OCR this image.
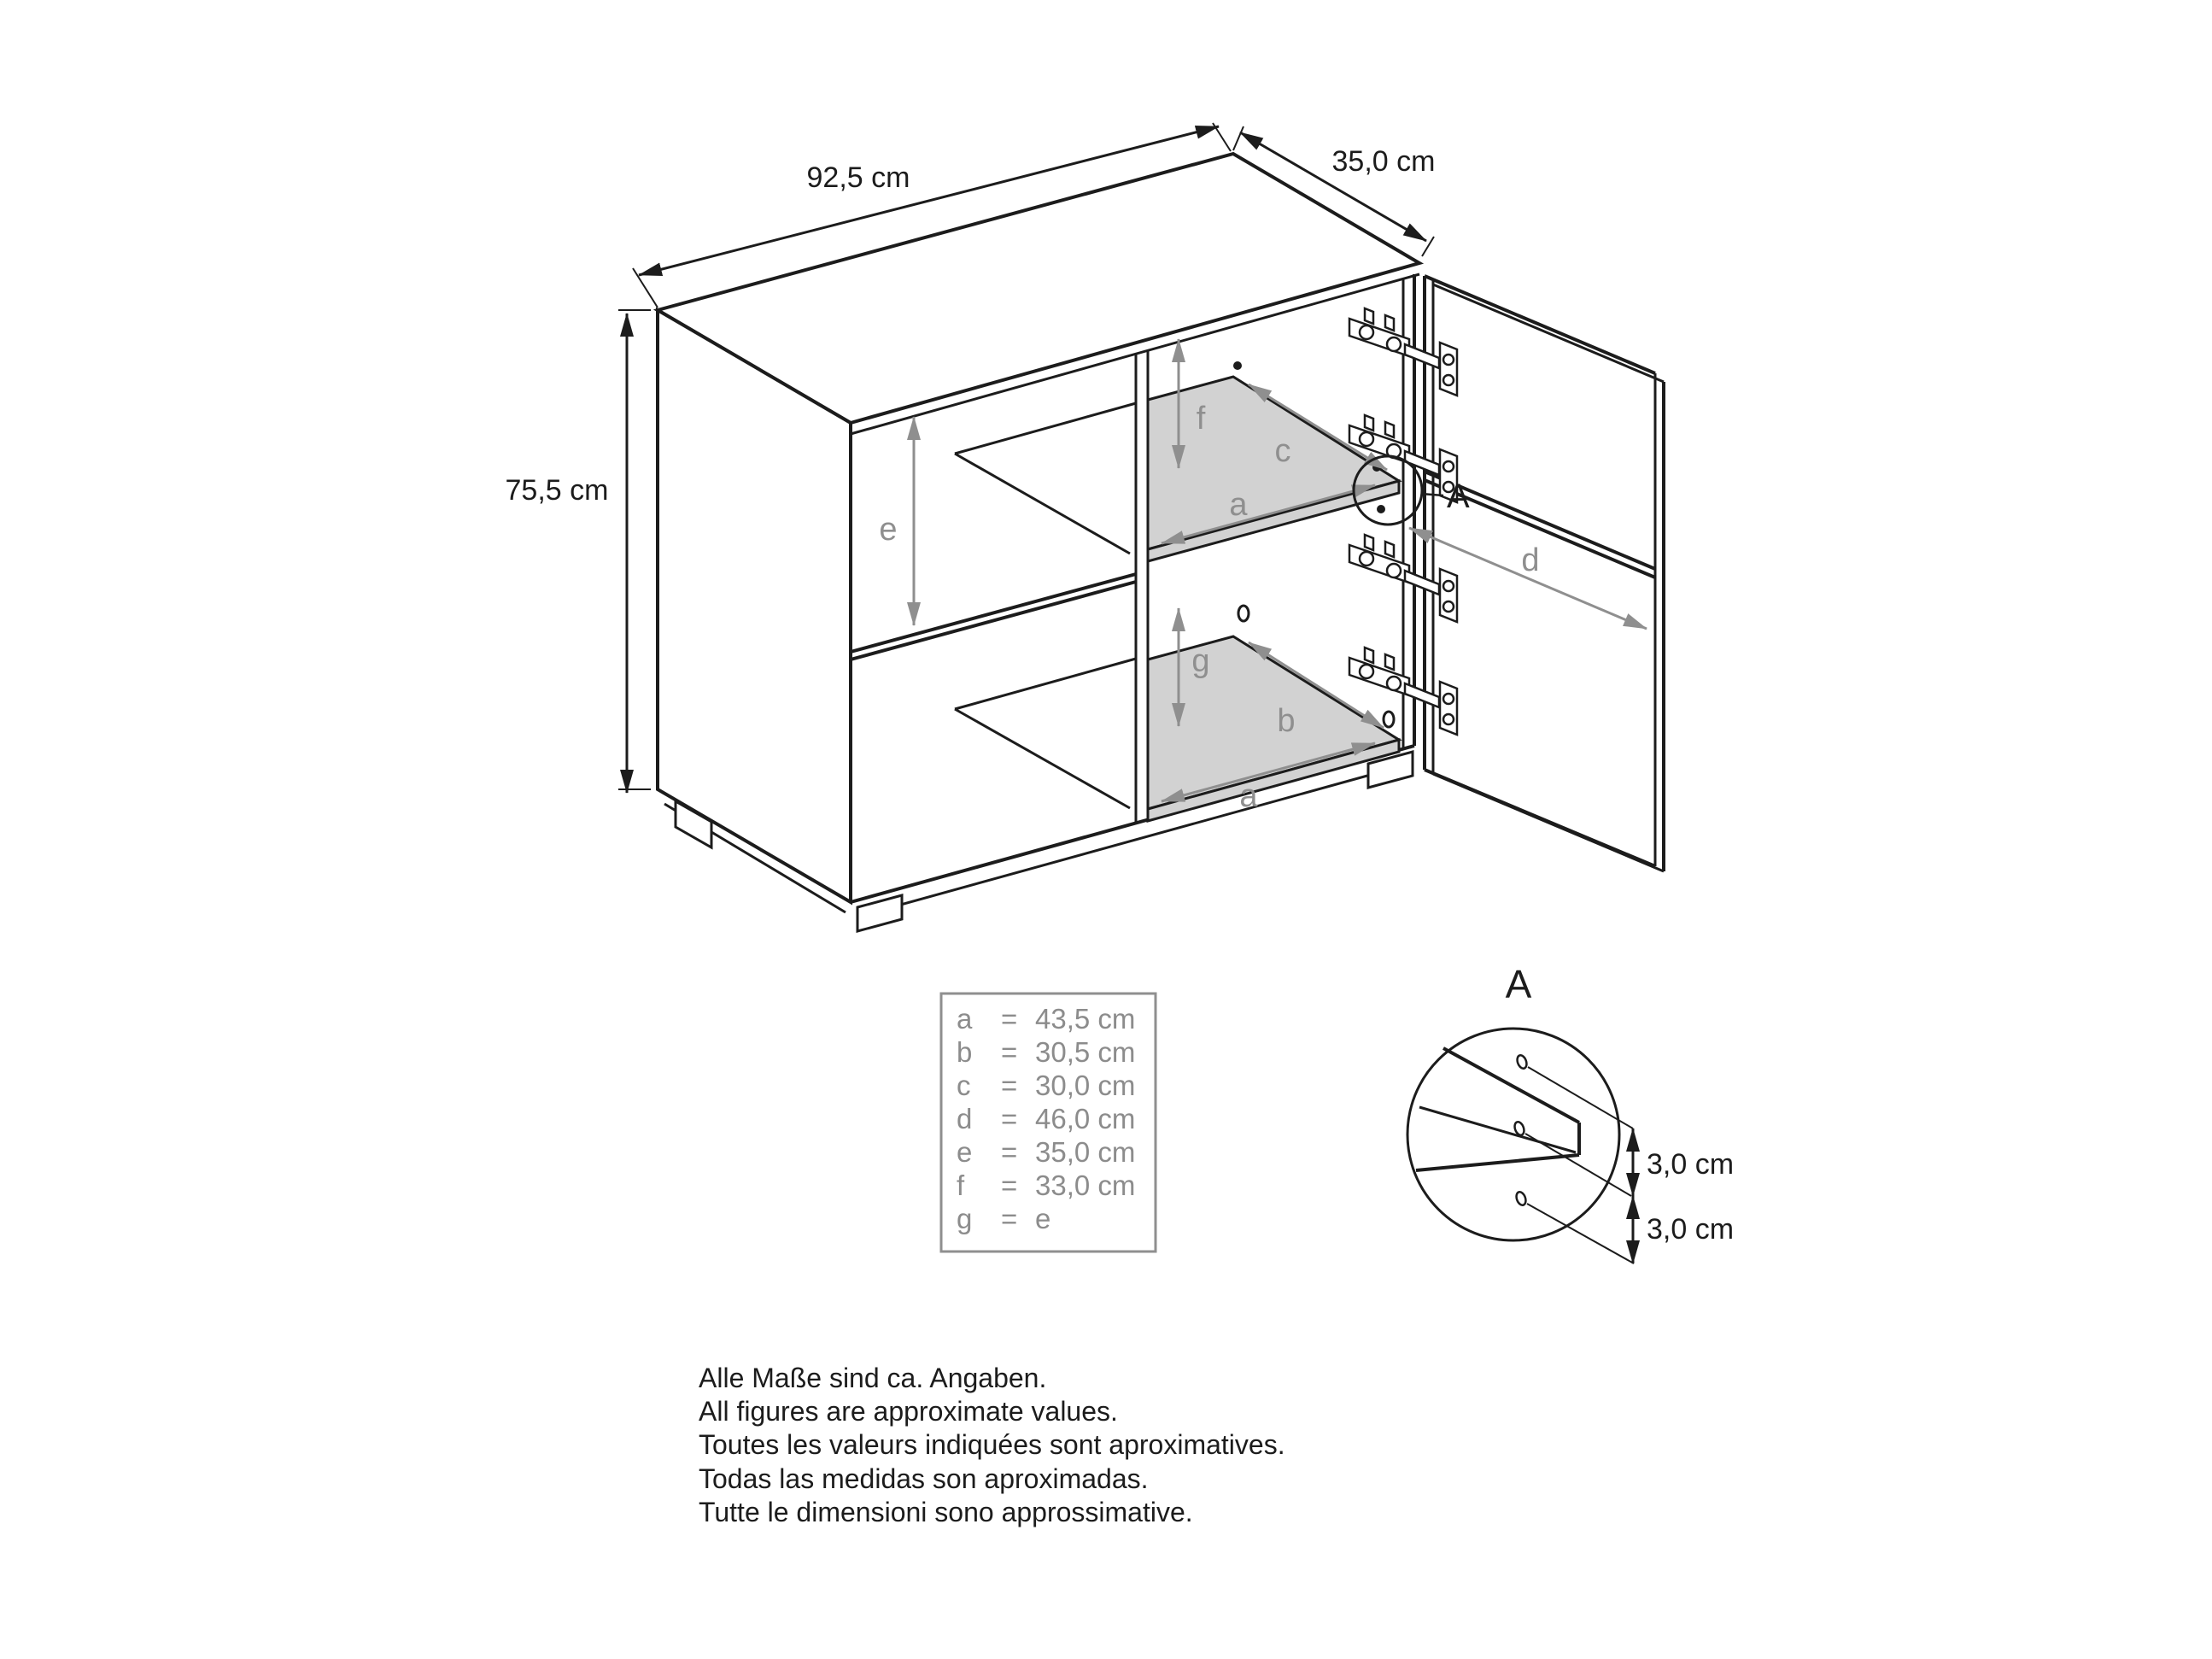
92,5 cm	35,0 cm
75,5 cm
e
f
g
a
c
a
b
d
A
A
3,0 cm
3,0 cm
a = 43,5 cm
b = 30,5 cm
c = 30,0 cm
d = 46,0 cm
e = 35,0 cm
f = 33,0 cm
g = e
Alle Maße sind ca. Angaben.
All figures are approximate values.
Toutes les valeurs indiquées sont aproximatives.
Todas las medidas son aproximadas.
Tutte le dimensioni sono approssimative.
